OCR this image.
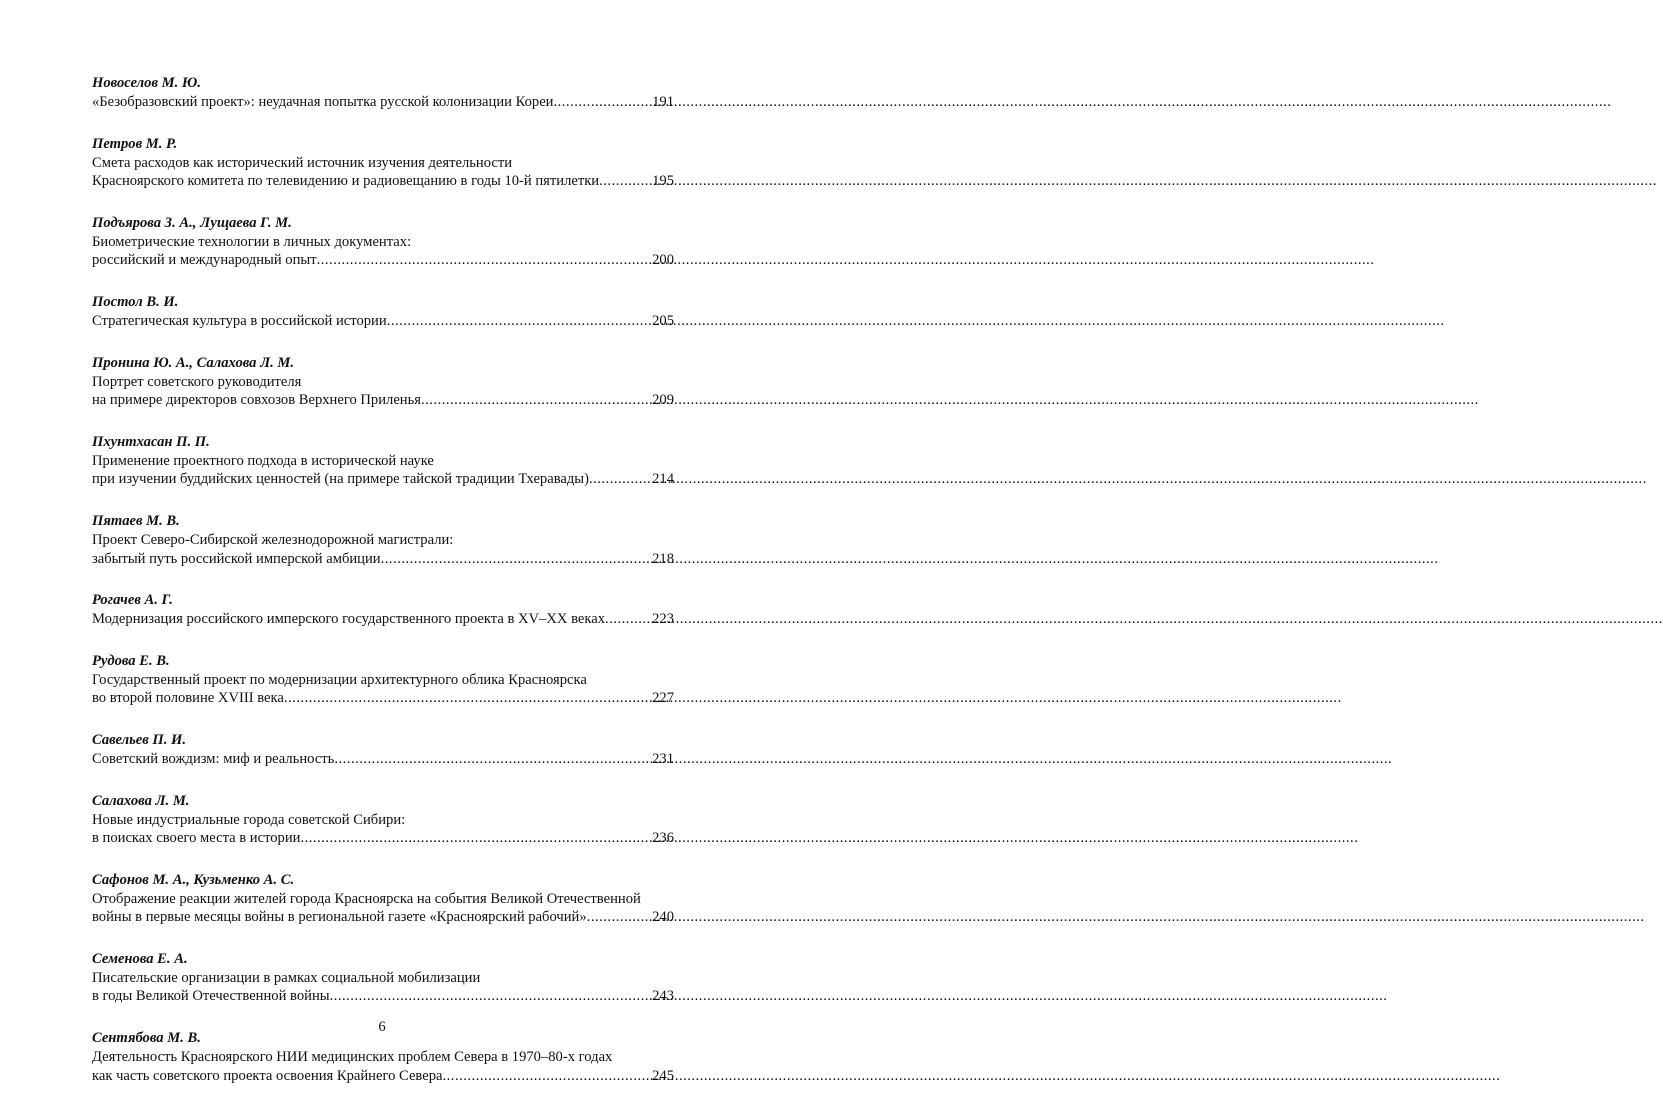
Новоселов М. Ю.
«Безобразовский проект»: неудачная попытка русской колонизации Кореи .....	191
Петров М. Р.
Смета расходов как исторический источник изучения деятельности
Красноярского комитета по телевидению и радиовещанию в годы 10-й пятилетки .....	195
Подъярова З. А., Лущаева Г. М.
Биометрические технологии в личных документах:
российский и международный опыт .....	200
Постол В. И.
Стратегическая культура в российской истории .....	205
Пронина Ю. А., Салахова Л. М.
Портрет советского руководителя
на примере директоров совхозов Верхнего Приленья .....	209
Пхунтхасан П. П.
Применение проектного подхода в исторической науке
при изучении буддийских ценностей (на примере тайской традиции Тхеравады) .....	214
Пятаев М. В.
Проект Северо-Сибирской железнодорожной магистрали:
забытый путь российской имперской амбиции .....	218
Рогачев А. Г.
Модернизация российского имперского государственного проекта в XV–XX веках .....	223
Рудова Е. В.
Государственный проект по модернизации архитектурного облика Красноярска
во второй половине XVIII века .....	227
Савельев П. И.
Советский вождизм: миф и реальность .....	231
Салахова Л. М.
Новые индустриальные города советской Сибири:
в поисках своего места в истории .....	236
Сафонов М. А., Кузьменко А. С.
Отображение реакции жителей города Красноярска на события Великой Отечественной
войны в первые месяцы войны в региональной газете «Красноярский рабочий» .....	240
Семенова Е. А.
Писательские организации в рамках социальной мобилизации
в годы Великой Отечественной войны .....	243
Сентябова М. В.
Деятельность Красноярского НИИ медицинских проблем Севера в 1970–80-х годах
как часть советского проекта освоения Крайнего Севера .....	245
6
